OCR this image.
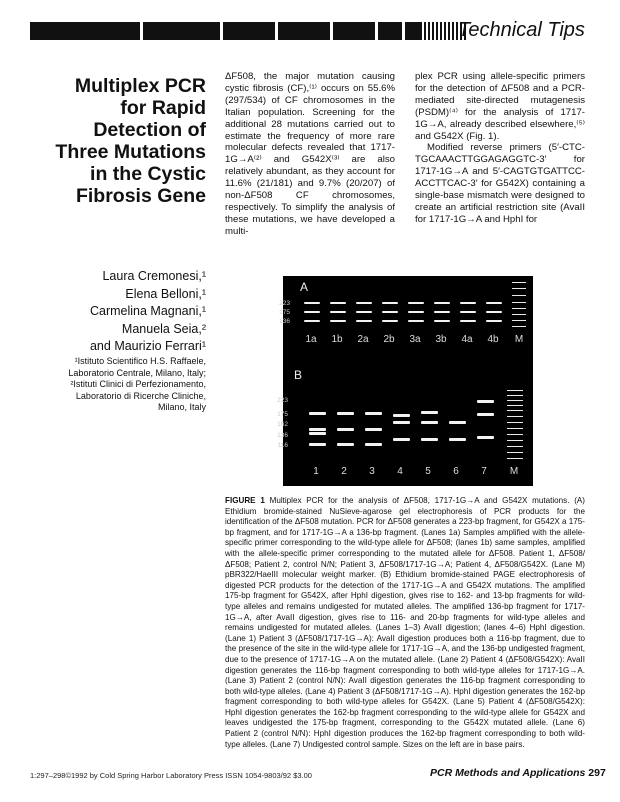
Technical Tips
Multiplex PCR
for Rapid
Detection of
Three Mutations
in the Cystic
Fibrosis Gene
Laura Cremonesi,¹
Elena Belloni,¹
Carmelina Magnani,¹
Manuela Seia,²
and Maurizio Ferrari¹
¹Istituto Scientifico H.S. Raffaele,
Laboratorio Centrale, Milano, Italy;
²Istituti Clinici di Perfezionamento,
Laboratorio di Ricerche Cliniche,
Milano, Italy

ΔF508, the major mutation causing cystic fibrosis (CF),⁽¹⁾ occurs on 55.6% (297/534) of CF chromosomes in the Italian population. Screening for the additional 28 mutations carried out to estimate the frequency of more rare molecular defects revealed that 1717-1G→A⁽²⁾ and G542X⁽³⁾ are also relatively abundant, as they account for 11.6% (21/181) and 9.7% (20/207) of non-ΔF508 CF chromosomes, respectively. To simplify the analysis of these mutations, we have developed a multi-

plex PCR using allele-specific primers for the detection of ΔF508 and a PCR-mediated site-directed mutagenesis (PSDM)⁽⁴⁾ for the analysis of 1717-1G→A, already described elsewhere,⁽⁵⁾ and G542X (Fig. 1).

Modified reverse primers (5′-CTC-TGCAAACTTGGAGAGGTC-3′ for 1717-1G→A and 5′-CAGTGTGATTCC-ACCTTCAC-3′ for G542X) containing a single-base mismatch were designed to create an artificial restriction site (AvaII for 1717-1G→A and HphI for

A
223
175
136
1a	1b	2a	2b	3a	3b	4a	4b	M
B
223
175
162
136
116
1	2	3	4	5	6	7	M
FIGURE 1 Multiplex PCR for the analysis of ΔF508, 1717-1G→A and G542X mutations. (A) Ethidium bromide-stained NuSieve-agarose gel electrophoresis of PCR products for the identification of the ΔF508 mutation. PCR for ΔF508 generates a 223-bp fragment, for G542X a 175-bp fragment, and for 1717-1G→A a 136-bp fragment. (Lanes 1a) Samples amplified with the allele-specific primer corresponding to the wild-type allele for ΔF508; (lanes 1b) same samples, amplified with the allele-specific primer corresponding to the mutated allele for ΔF508. Patient 1, ΔF508/ΔF508; Patient 2, control N/N; Patient 3, ΔF508/1717-1G→A; Patient 4, ΔF508/G542X. (Lane M) pBR322/HaeIII molecular weight marker. (B) Ethidium bromide-stained PAGE electrophoresis of digested PCR products for the detection of the 1717-1G→A and G542X mutations. The amplified 175-bp fragment for G542X, after HphI digestion, gives rise to 162- and 13-bp fragments for wild-type alleles and remains undigested for mutated alleles. The amplified 136-bp fragment for 1717-1G→A, after AvaII digestion, gives rise to 116- and 20-bp fragments for wild-type alleles and remains undigested for mutated alleles. (Lanes 1–3) AvaII digestion; (lanes 4–6) HphI digestion. (Lane 1) Patient 3 (ΔF508/1717-1G→A): AvaII digestion produces both a 116-bp fragment, due to the presence of the site in the wild-type allele for 1717-1G→A, and the 136-bp undigested fragment, due to the presence of 1717-1G→A on the mutated allele. (Lane 2) Patient 4 (ΔF508/G542X): AvaII digestion generates the 116-bp fragment corresponding to both wild-type alleles for 1717-1G→A. (Lane 3) Patient 2 (control N/N): AvaII digestion generates the 116-bp fragment corresponding to both wild-type alleles. (Lane 4) Patient 3 (ΔF508/1717-1G→A). HphI digestion generates the 162-bp fragment corresponding to both wild-type alleles for G542X. (Lane 5) Patient 4 (ΔF508/G542X): HphI digestion generates the 162-bp fragment corresponding to the wild-type allele for G542X and leaves undigested the 175-bp fragment, corresponding to the G542X mutated allele. (Lane 6) Patient 2 (control N/N): HphI digestion produces the 162-bp fragment corresponding to both wild-type alleles. (Lane 7) Undigested control sample. Sizes on the left are in base pairs.
1:297–298©1992 by Cold Spring Harbor Laboratory Press ISSN 1054-9803/92 $3.00	PCR Methods and Applications 297
